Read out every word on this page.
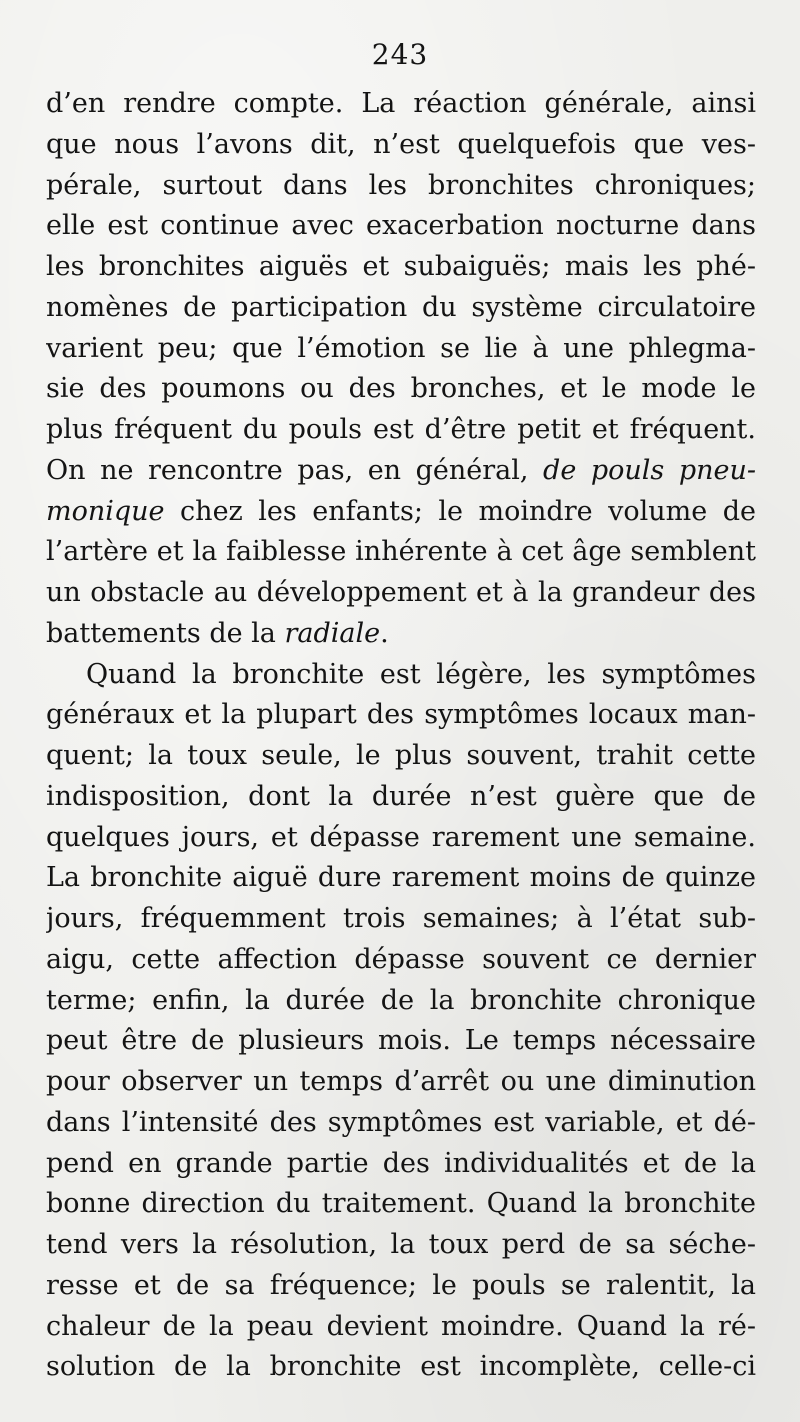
243
d’en rendre compte. La réaction générale, ainsi
que nous l’avons dit, n’est quelquefois que ves-
pérale, surtout dans les bronchites chroniques;
elle est continue avec exacerbation nocturne dans
les bronchites aiguës et subaiguës; mais les phé-
nomènes de participation du système circulatoire
varient peu; que l’émotion se lie à une phlegma-
sie des poumons ou des bronches, et le mode le
plus fréquent du pouls est d’être petit et fréquent.
On ne rencontre pas, en général, de pouls pneu-
monique chez les enfants; le moindre volume de
l’artère et la faiblesse inhérente à cet âge semblent
un obstacle au développement et à la grandeur des
battements de la radiale.
Quand la bronchite est légère, les symptômes
généraux et la plupart des symptômes locaux man-
quent; la toux seule, le plus souvent, trahit cette
indisposition, dont la durée n’est guère que de
quelques jours, et dépasse rarement une semaine.
La bronchite aiguë dure rarement moins de quinze
jours, fréquemment trois semaines; à l’état sub-
aigu, cette affection dépasse souvent ce dernier
terme; enfin, la durée de la bronchite chronique
peut être de plusieurs mois. Le temps nécessaire
pour observer un temps d’arrêt ou une diminution
dans l’intensité des symptômes est variable, et dé-
pend en grande partie des individualités et de la
bonne direction du traitement. Quand la bronchite
tend vers la résolution, la toux perd de sa séche-
resse et de sa fréquence; le pouls se ralentit, la
chaleur de la peau devient moindre. Quand la ré-
solution de la bronchite est incomplète, celle-ci
